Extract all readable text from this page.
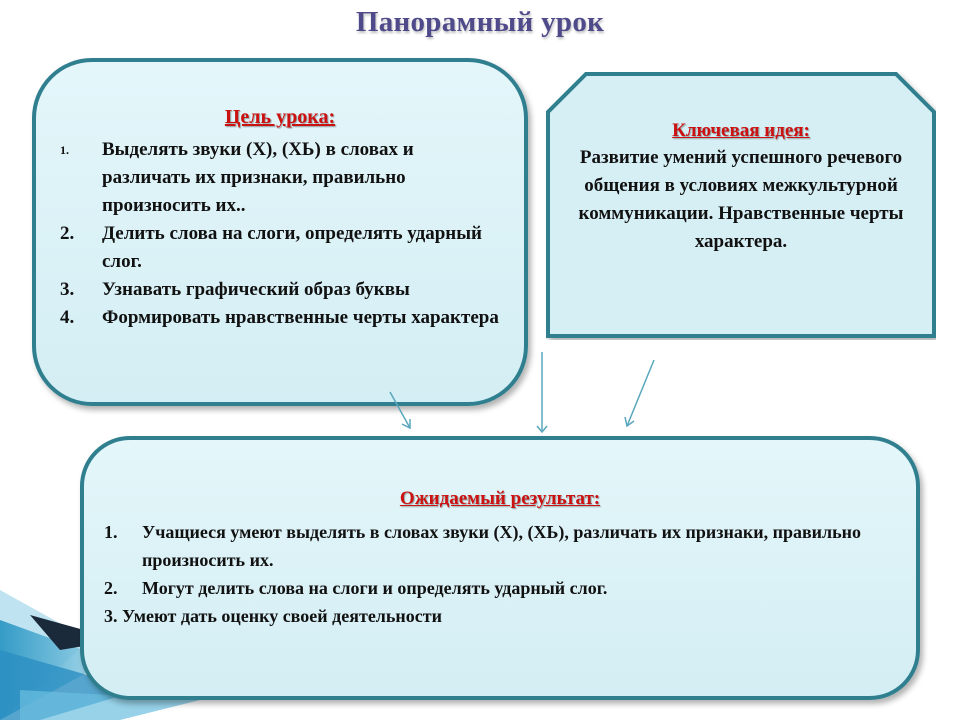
Панорамный урок
Цель урока:
1. Выделять звуки (Х), (ХЬ) в словах и различать их признаки, правильно произносить их..
2. Делить слова на слоги, определять ударный слог.
3. Узнавать графический образ буквы
4. Формировать нравственные черты характера
Ключевая идея:
Развитие умений успешного речевого общения в условиях межкультурной коммуникации. Нравственные черты характера.
Ожидаемый результат:
1. Учащиеся умеют выделять в словах звуки (Х), (ХЬ), различать их признаки, правильно произносить их.
2. Могут делить слова на слоги и определять ударный слог.
3. Умеют дать оценку своей деятельности
